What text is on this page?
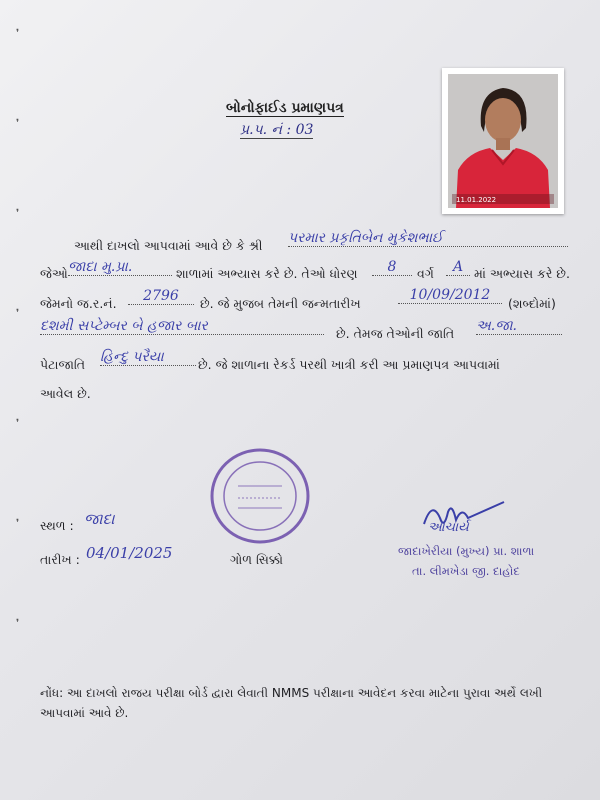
❜
❜
❜
❜
❜
❜
❜
11.01.2022
બોનોફાઈડ પ્રમાણપત્ર
પ્ર.પ. નં : 03
આથી દાખલો આપવામાં આવે છે કે શ્રી પરમાર પ્રકૃતિબેન મુકેશભાઈ
જેઓ જાદા મુ.પ્રા.	શાળામાં અભ્યાસ કરે છે. તેઓ ધોરણ	8	વર્ગ	A માં અભ્યાસ કરે છે.
જેમનો જ.ર.નં.	2796	છે. જે મુજબ તેમની જન્મતારીખ
10/09/2012
(શબ્દોમાં)
દશમી સપ્ટેમ્બર બે હજાર બાર	છે. તેમજ તેઓની જાતિ અ.જા.
પેટાજાતિ હિન્દુ પરૈયા	છે. જે શાળાના રેકર્ડ પરથી ખાત્રી કરી આ પ્રમાણપત્ર આપવામાં
આવેલ છે.
સ્થળ : જાદા
તારીખ : 04/01/2025	ગોળ સિક્કો
આચાર્ય
જાદાખેરીયા (મુખ્ય) પ્રા. શાળા
તા. લીમખેડા જી. દાહોદ
નોંધ: આ દાખલો રાજય પરીક્ષા બોર્ડ દ્વારા લેવાતી NMMS પરીક્ષાના આવેદન કરવા માટેના પુરાવા અર્થે લખી
આપવામાં આવે છે.
